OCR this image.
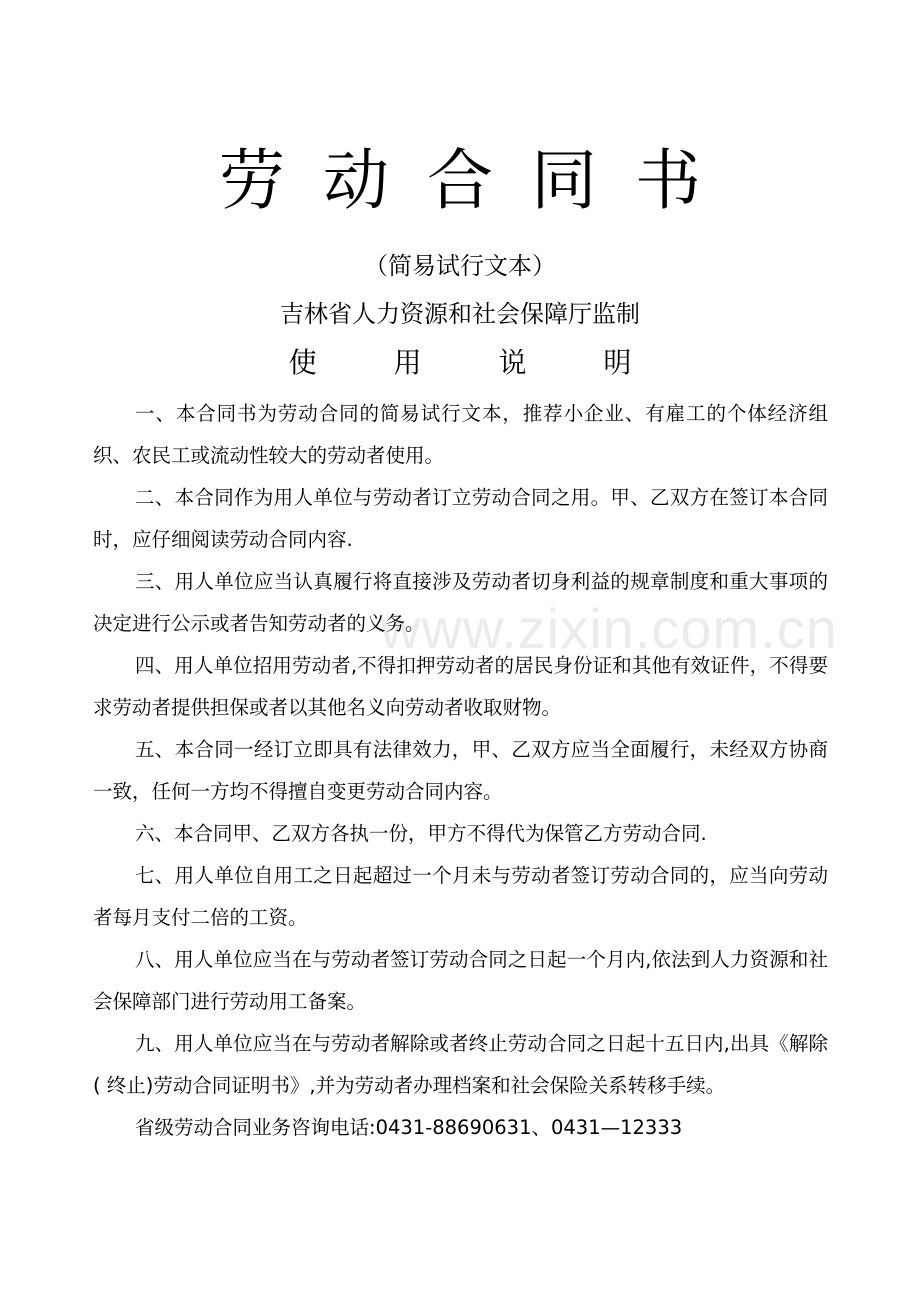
劳动合同书

（简易试行文本）

吉林省人力资源和社会保障厅监制

使 用 说 明

一、本合同书为劳动合同的简易试行文本，推荐小企业、有雇工的个体经济组织、农民工或流动性较大的劳动者使用。

二、本合同作为用人单位与劳动者订立劳动合同之用。甲、乙双方在签订本合同时，应仔细阅读劳动合同内容.

三、用人单位应当认真履行将直接涉及劳动者切身利益的规章制度和重大事项的决定进行公示或者告知劳动者的义务。

四、用人单位招用劳动者,不得扣押劳动者的居民身份证和其他有效证件，不得要求劳动者提供担保或者以其他名义向劳动者收取财物。

五、本合同一经订立即具有法律效力，甲、乙双方应当全面履行，未经双方协商一致，任何一方均不得擅自变更劳动合同内容。

六、本合同甲、乙双方各执一份，甲方不得代为保管乙方劳动合同.

七、用人单位自用工之日起超过一个月未与劳动者签订劳动合同的，应当向劳动者每月支付二倍的工资。

八、用人单位应当在与劳动者签订劳动合同之日起一个月内,依法到人力资源和社会保障部门进行劳动用工备案。

九、用人单位应当在与劳动者解除或者终止劳动合同之日起十五日内,出具《解除( 终止)劳动合同证明书》,并为劳动者办理档案和社会保险关系转移手续。

省级劳动合同业务咨询电话:0431-88690631、0431—12333

www.zixin.com.cn
